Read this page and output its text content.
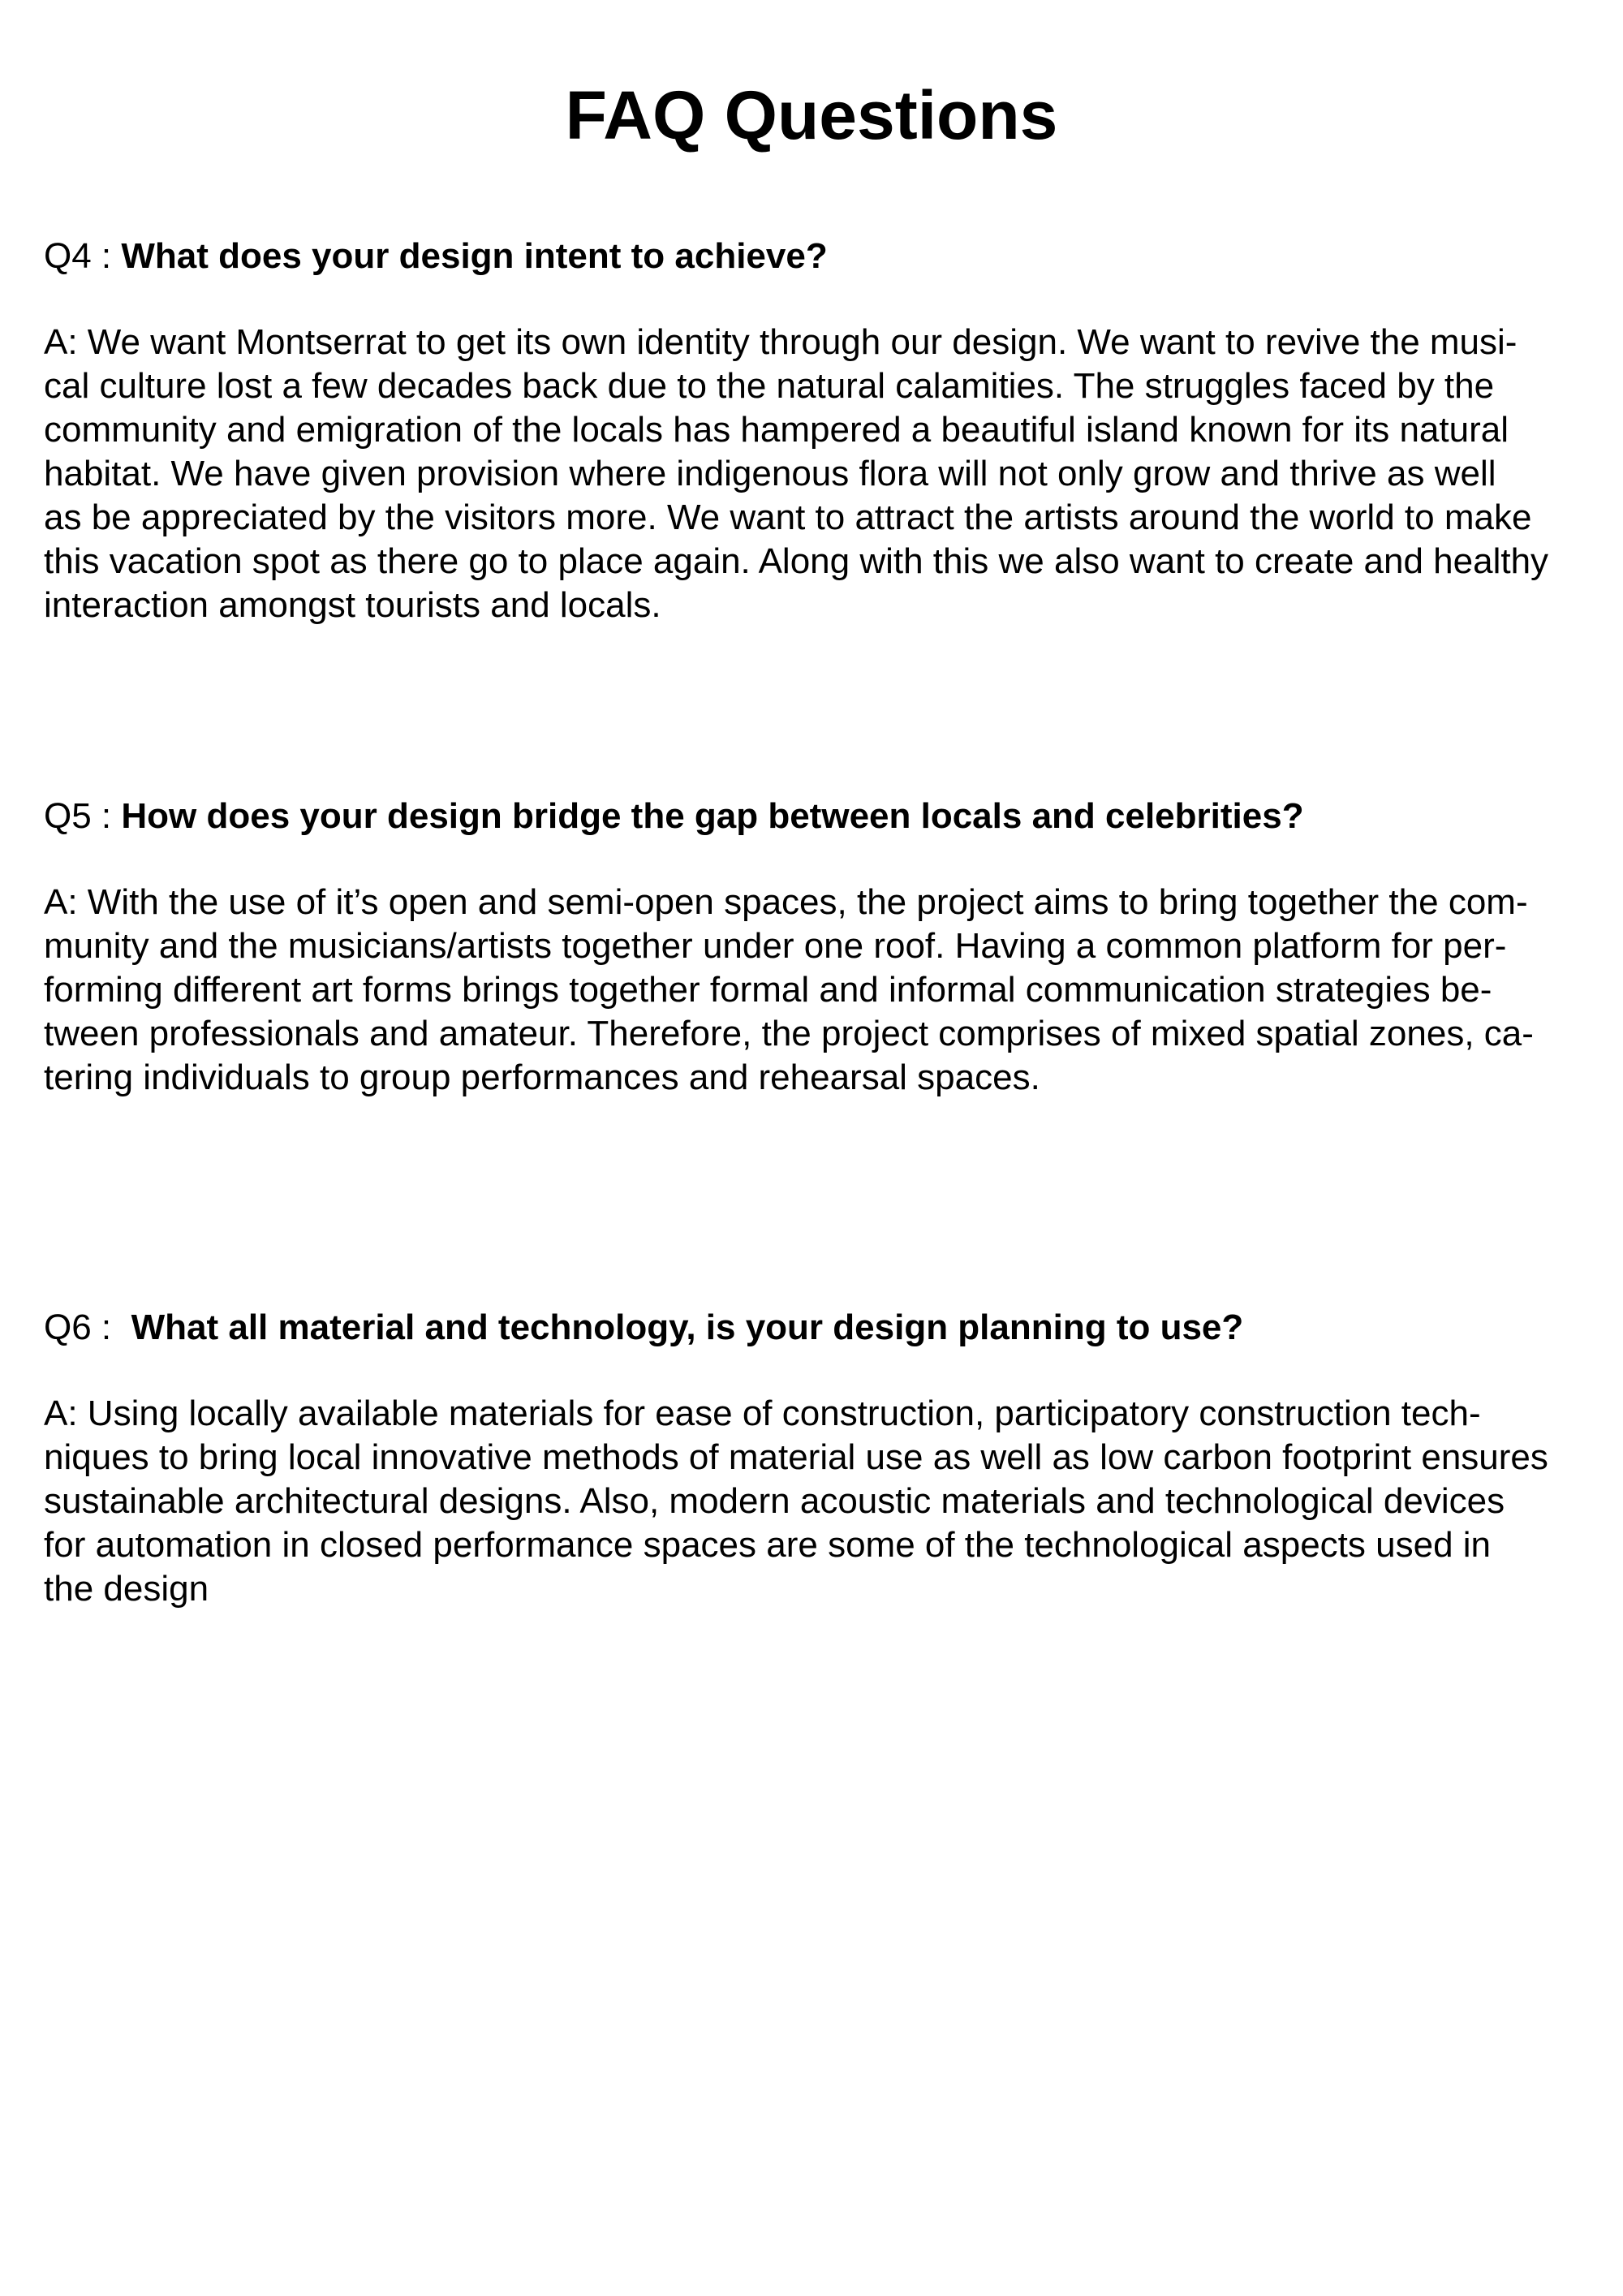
FAQ Questions

Q4 : What does your design intent to achieve?

A: We want Montserrat to get its own identity through our design. We want to revive the musi-
cal culture lost a few decades back due to the natural calamities. The struggles faced by the
community and emigration of the locals has hampered a beautiful island known for its natural
habitat. We have given provision where indigenous flora will not only grow and thrive as well
as be appreciated by the visitors more. We want to attract the artists around the world to make
this vacation spot as there go to place again. Along with this we also want to create and healthy
interaction amongst tourists and locals.

Q5 : How does your design bridge the gap between locals and celebrities?

A: With the use of it’s open and semi-open spaces, the project aims to bring together the com-
munity and the musicians/artists together under one roof. Having a common platform for per-
forming different art forms brings together formal and informal communication strategies be-
tween professionals and amateur. Therefore, the project comprises of mixed spatial zones, ca-
tering individuals to group performances and rehearsal spaces.

Q6 :  What all material and technology, is your design planning to use?

A: Using locally available materials for ease of construction, participatory construction tech-
niques to bring local innovative methods of material use as well as low carbon footprint ensures
sustainable architectural designs. Also, modern acoustic materials and technological devices
for automation in closed performance spaces are some of the technological aspects used in
the design
